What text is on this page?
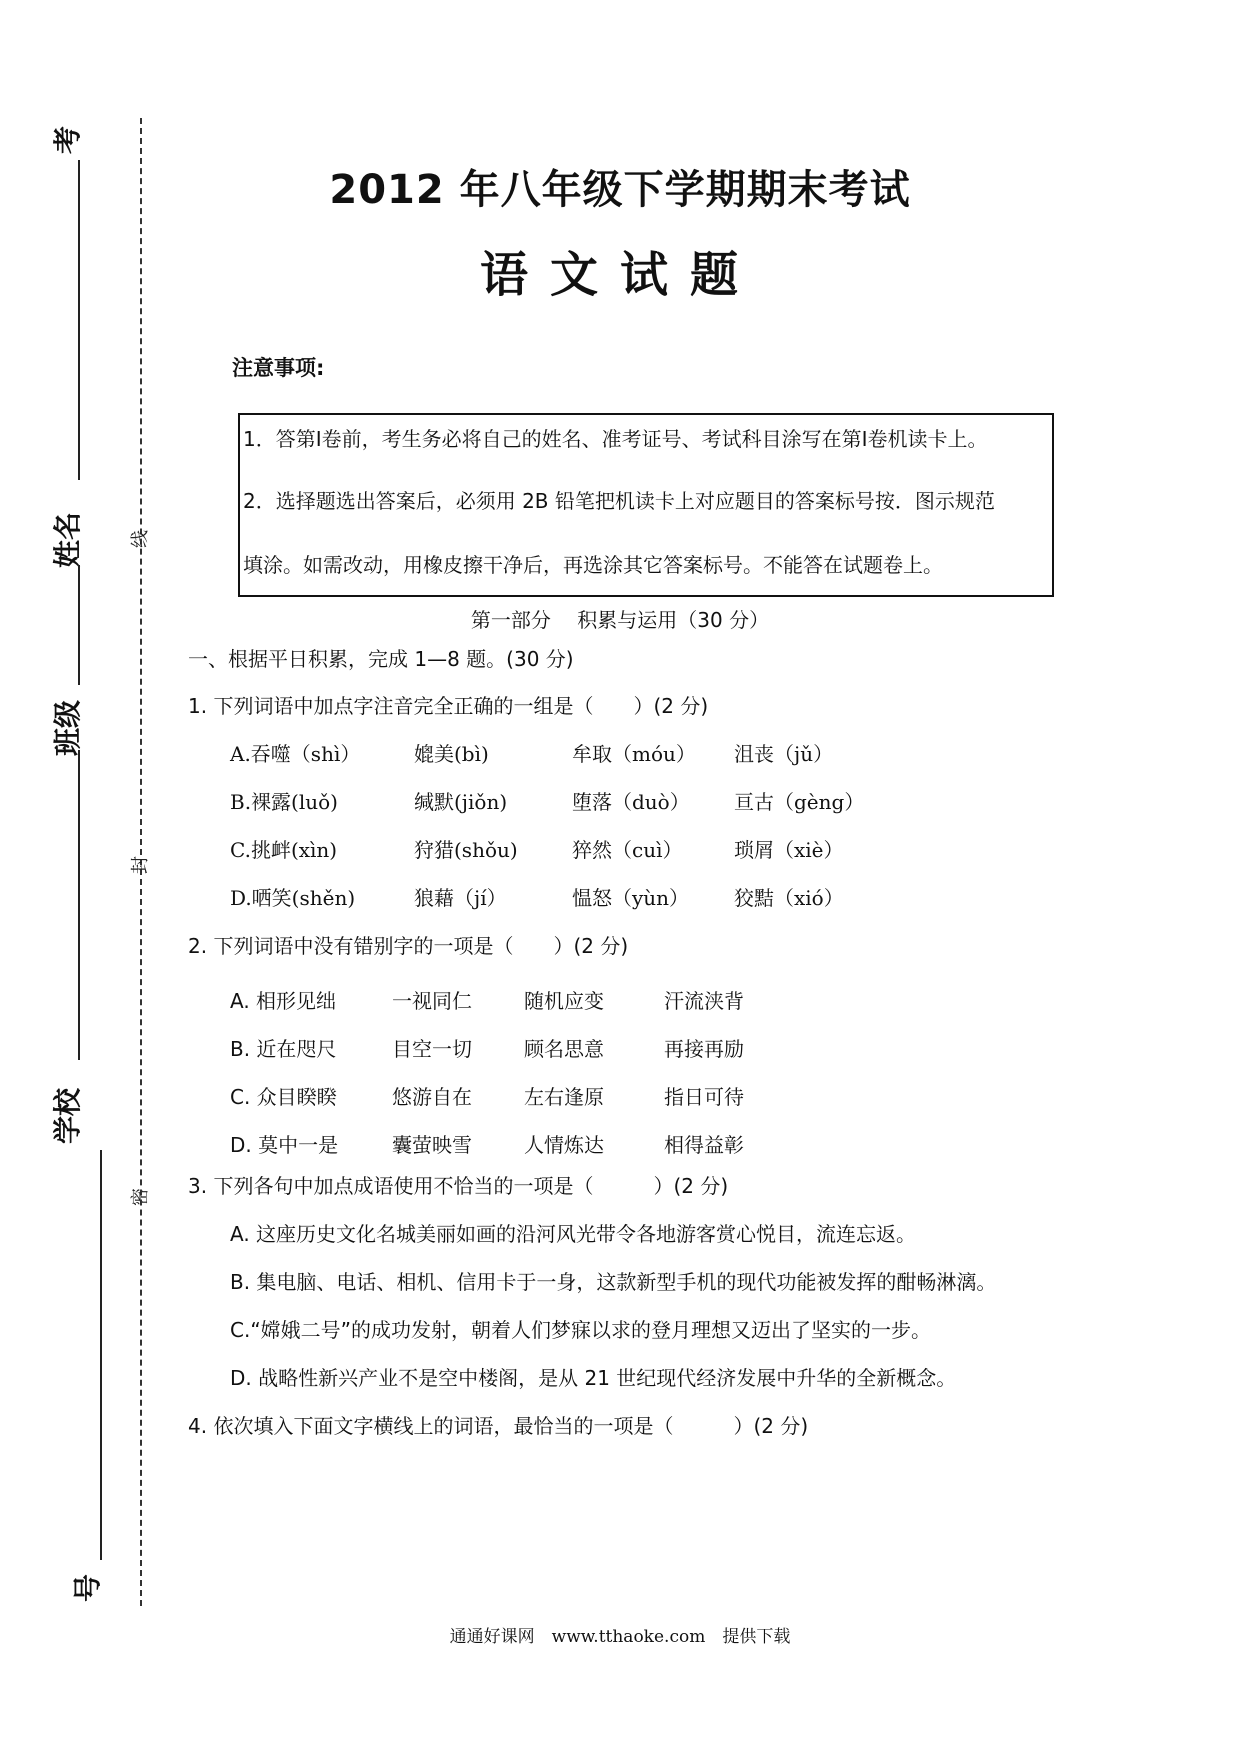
考
姓名
班级
学校
号
线
封
密
2012 年八年级下学期期末考试
语文试题
注意事项:
1．答第Ⅰ卷前，考生务必将自己的姓名、准考证号、考试科目涂写在第Ⅰ卷机读卡上。
2．选择题选出答案后，必须用 2B 铅笔把机读卡上对应题目的答案标号按．图示规范
填涂。如需改动，用橡皮擦干净后，再选涂其它答案标号。不能答在试题卷上。
第一部分　 积累与运用（30 分）
一、根据平日积累，完成 1—8 题。(30 分)
1. 下列词语中加点字注音完全正确的一组是（　　）(2 分)
A.吞噬（shì）	媲美(bì)	牟取（móu） 沮丧（jǔ）
B.裸露(luǒ)	缄默(jiǒn)	堕落（duò） 亘古（gèng）
C.挑衅(xìn)	狩猎(shǒu)	猝然（cuì）	琐屑（xiè）
D.哂笑(shěn)	狼藉（jí）	愠怒（yùn） 狡黠（xió）
2. 下列词语中没有错别字的一项是（　　）(2 分)
A. 相形见绌	一视同仁	随机应变	汗流浃背
B. 近在咫尺	目空一切	顾名思意	再接再励
C. 众目睽睽	悠游自在	左右逢原	指日可待
D. 莫中一是	囊萤映雪	人情炼达	相得益彰
3. 下列各句中加点成语使用不恰当的一项是（　　　）(2 分)
A. 这座历史文化名城美丽如画的沿河风光带令各地游客赏心悦目，流连忘返。
B. 集电脑、电话、相机、信用卡于一身，这款新型手机的现代功能被发挥的酣畅淋漓。
C.“嫦娥二号”的成功发射，朝着人们梦寐以求的登月理想又迈出了坚实的一步。
D. 战略性新兴产业不是空中楼阁，是从 21 世纪现代经济发展中升华的全新概念。
4. 依次填入下面文字横线上的词语，最恰当的一项是（　　　）(2 分)
通通好课网　www.tthaoke.com　提供下载
